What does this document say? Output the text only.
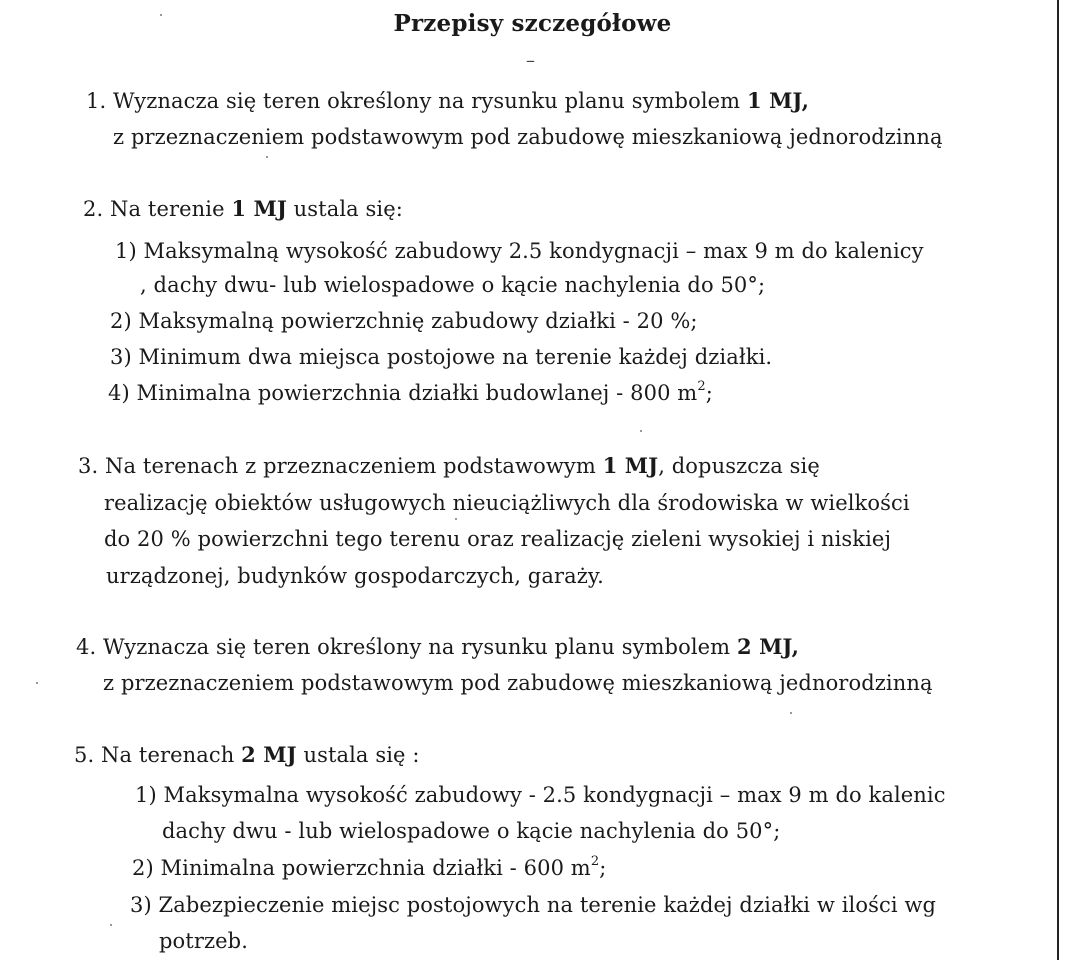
Przepisy szczegółowe
–
1. Wyznacza się teren określony na rysunku planu symbolem 1 MJ,
z przeznaczeniem podstawowym pod zabudowę mieszkaniową jednorodzinną
2. Na terenie 1 MJ ustala się:
1) Maksymalną wysokość zabudowy 2.5 kondygnacji – max 9 m do kalenicy
, dachy dwu- lub wielospadowe o kącie nachylenia do 50°;
2) Maksymalną powierzchnię zabudowy działki - 20 %;
3) Minimum dwa miejsca postojowe na terenie każdej działki.
4) Minimalna powierzchnia działki budowlanej - 800 $m^2$;
3. Na terenach z przeznaczeniem podstawowym 1 MJ, dopuszcza się
realizację obiektów usługowych nieuciążliwych dla środowiska w wielkości
do 20 % powierzchni tego terenu oraz realizację zieleni wysokiej i niskiej
urządzonej, budynków gospodarczych, garaży.
4. Wyznacza się teren określony na rysunku planu symbolem 2 MJ,
z przeznaczeniem podstawowym pod zabudowę mieszkaniową jednorodzinną
5. Na terenach 2 MJ ustala się :
1) Maksymalna wysokość zabudowy - 2.5 kondygnacji – max 9 m do kalenic
dachy dwu - lub wielospadowe o kącie nachylenia do 50°;
2) Minimalna powierzchnia działki - 600 $m^2$;
3) Zabezpieczenie miejsc postojowych na terenie każdej działki w ilości wg
potrzeb.
